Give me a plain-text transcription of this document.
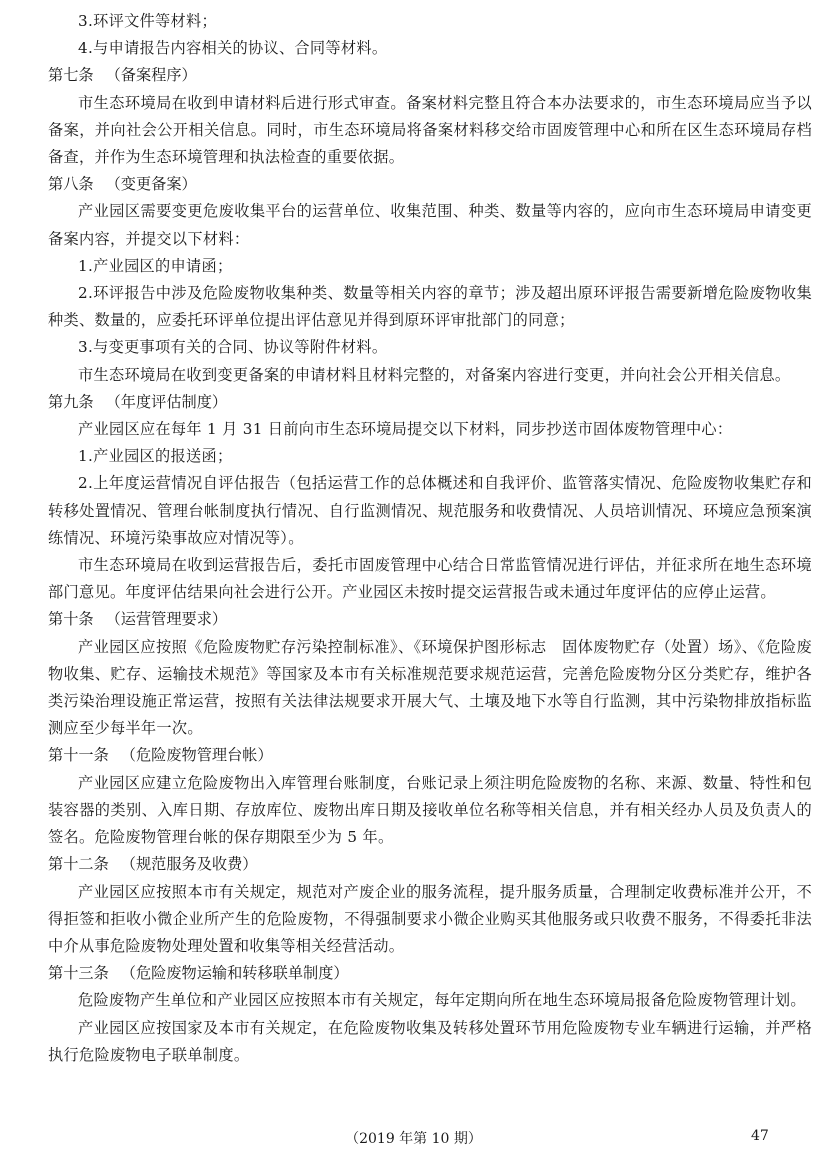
3.环评文件等材料；

4.与申请报告内容相关的协议、合同等材料。

第七条 （备案程序）

市生态环境局在收到申请材料后进行形式审查。备案材料完整且符合本办法要求的，市生态环境局应当予以备案，并向社会公开相关信息。同时，市生态环境局将备案材料移交给市固废管理中心和所在区生态环境局存档备查，并作为生态环境管理和执法检查的重要依据。

第八条 （变更备案）

产业园区需要变更危废收集平台的运营单位、收集范围、种类、数量等内容的，应向市生态环境局申请变更备案内容，并提交以下材料：

1.产业园区的申请函；

2.环评报告中涉及危险废物收集种类、数量等相关内容的章节；涉及超出原环评报告需要新增危险废物收集种类、数量的，应委托环评单位提出评估意见并得到原环评审批部门的同意；

3.与变更事项有关的合同、协议等附件材料。

市生态环境局在收到变更备案的申请材料且材料完整的，对备案内容进行变更，并向社会公开相关信息。

第九条 （年度评估制度）

产业园区应在每年 1 月 31 日前向市生态环境局提交以下材料，同步抄送市固体废物管理中心：

1.产业园区的报送函；

2.上年度运营情况自评估报告（包括运营工作的总体概述和自我评价、监管落实情况、危险废物收集贮存和转移处置情况、管理台帐制度执行情况、自行监测情况、规范服务和收费情况、人员培训情况、环境应急预案演练情况、环境污染事故应对情况等）。

市生态环境局在收到运营报告后，委托市固废管理中心结合日常监管情况进行评估，并征求所在地生态环境部门意见。年度评估结果向社会进行公开。产业园区未按时提交运营报告或未通过年度评估的应停止运营。

第十条 （运营管理要求）

产业园区应按照《危险废物贮存污染控制标准》、《环境保护图形标志　固体废物贮存（处置）场》、《危险废物收集、贮存、运输技术规范》等国家及本市有关标准规范要求规范运营，完善危险废物分区分类贮存，维护各类污染治理设施正常运营，按照有关法律法规要求开展大气、土壤及地下水等自行监测，其中污染物排放指标监测应至少每半年一次。

第十一条 （危险废物管理台帐）

产业园区应建立危险废物出入库管理台账制度，台账记录上须注明危险废物的名称、来源、数量、特性和包装容器的类别、入库日期、存放库位、废物出库日期及接收单位名称等相关信息，并有相关经办人员及负责人的签名。危险废物管理台帐的保存期限至少为 5 年。

第十二条 （规范服务及收费）

产业园区应按照本市有关规定，规范对产废企业的服务流程，提升服务质量，合理制定收费标准并公开，不得拒签和拒收小微企业所产生的危险废物，不得强制要求小微企业购买其他服务或只收费不服务，不得委托非法中介从事危险废物处理处置和收集等相关经营活动。

第十三条 （危险废物运输和转移联单制度）

危险废物产生单位和产业园区应按照本市有关规定，每年定期向所在地生态环境局报备危险废物管理计划。

产业园区应按国家及本市有关规定，在危险废物收集及转移处置环节用危险废物专业车辆进行运输，并严格执行危险废物电子联单制度。

（2019 年第 10 期）	47
